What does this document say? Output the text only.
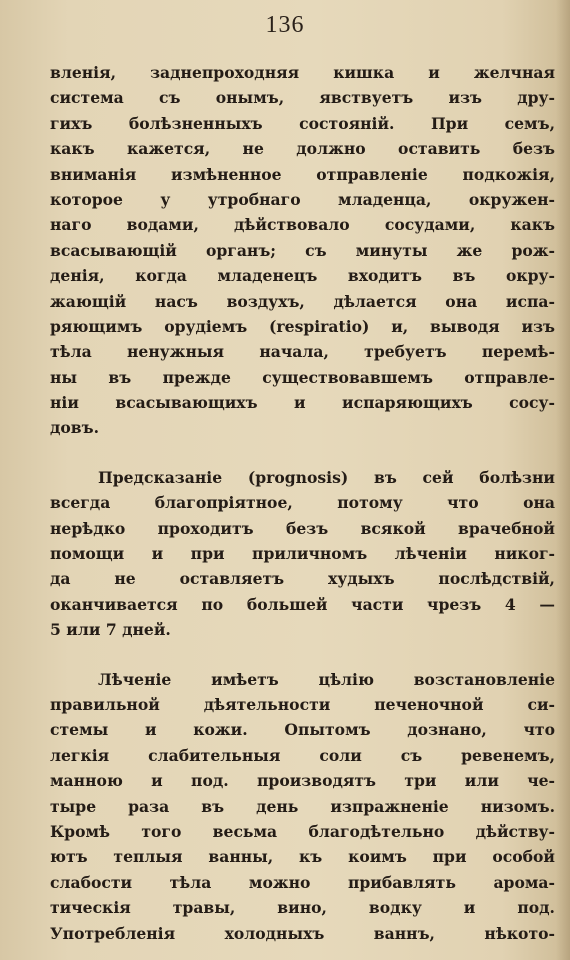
136
вленія, заднепроходняя кишка и желчная
система съ онымъ, явствуетъ изъ дру-
гихъ болѣзненныхъ состояній. При семъ,
какъ кажется, не должно оставить безъ
вниманія измѣненное отправленіе подкожія,
которое у утробнаго младенца, окружен-
наго водами, дѣйствовало сосудами, какъ
всасывающій органъ; съ минуты же рож-
денія, когда младенецъ входитъ въ окру-
жающій насъ воздухъ, дѣлается она испа-
ряющимъ орудіемъ (respiratio) и, выводя изъ
тѣла ненужныя начала, требуетъ перемѣ-
ны въ прежде существовавшемъ отправле-
ніи всасывающихъ и испаряющихъ сосу-
довъ.
Предсказаніе (prognosis) въ сей болѣзни
всегда благопріятное, потому что она
нерѣдко проходитъ безъ всякой врачебной
помощи и при приличномъ лѣченіи никог-
да не оставляетъ худыхъ послѣдствій,
оканчивается по большей части чрезъ 4 —
5 или 7 дней.
Лѣченіе имѣетъ цѣлію возстановленіе
правильной дѣятельности печеночной си-
стемы и кожи. Опытомъ дознано, что
легкія слабительныя соли съ ревенемъ,
манною и под. производятъ три или че-
тыре раза въ день изпражненіе низомъ.
Кромѣ того весьма благодѣтельно дѣйству-
ютъ теплыя ванны, къ коимъ при особой
слабости тѣла можно прибавлять арома-
тическія травы, вино, водку и под.
Употребленія холодныхъ ваннъ, нѣкото-
